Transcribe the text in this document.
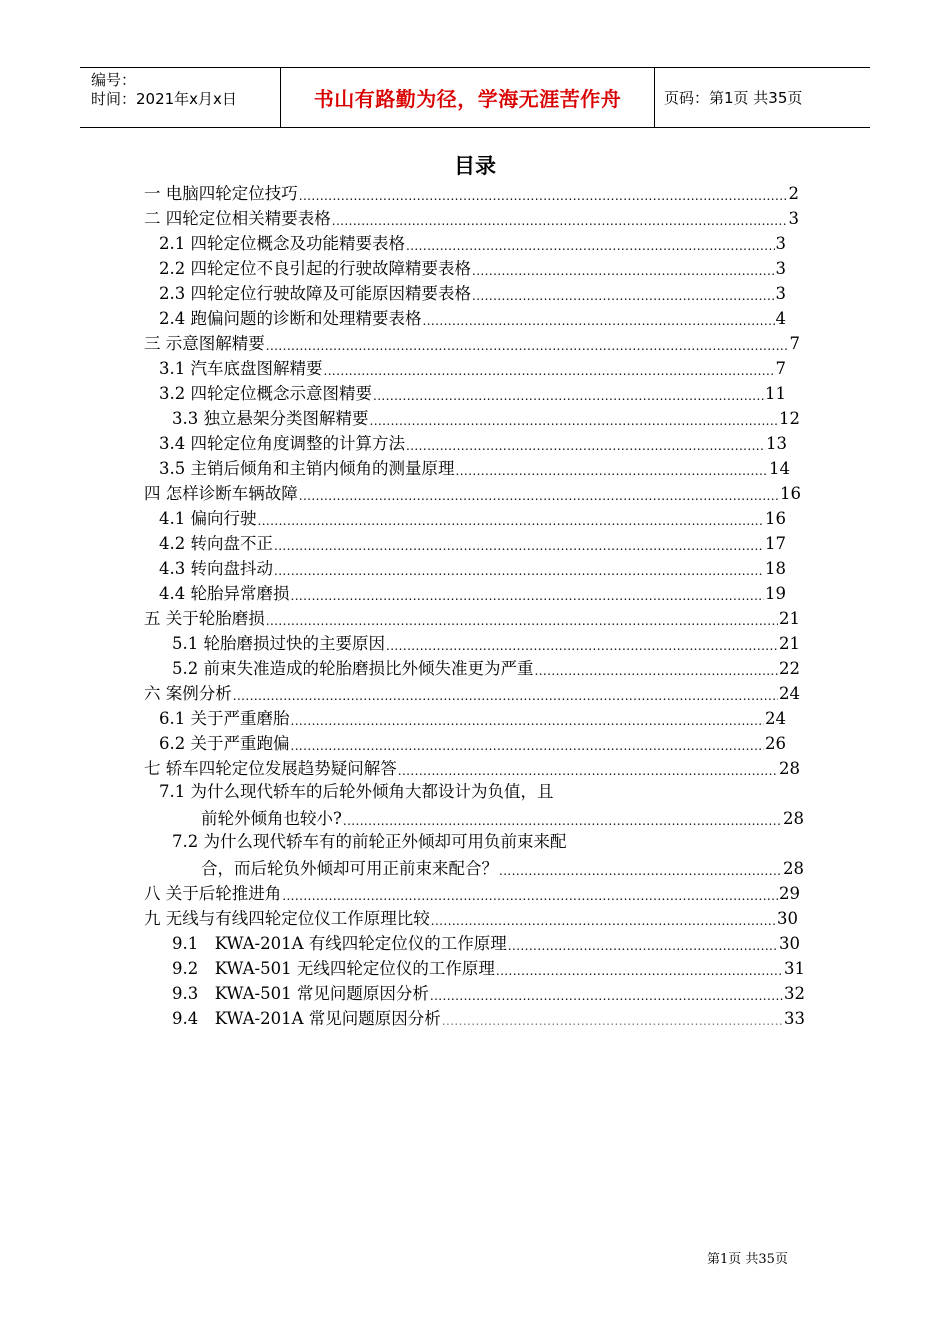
编号：
时间：2021年x月x日	书山有路勤为径，学海无涯苦作舟	页码：第1页 共35页
目录
一 电脑四轮定位技巧 .....	2
二 四轮定位相关精要表格 .....	3
2.1 四轮定位概念及功能精要表格 .....	3
2.2 四轮定位不良引起的行驶故障精要表格 .....	3
2.3 四轮定位行驶故障及可能原因精要表格 .....	3
2.4 跑偏问题的诊断和处理精要表格 .....	4
三 示意图解精要 .....	7
3.1 汽车底盘图解精要 .....	7
3.2 四轮定位概念示意图精要 .....	11
3.3 独立悬架分类图解精要 .....	12
3.4 四轮定位角度调整的计算方法 .....	13
3.5 主销后倾角和主销内倾角的测量原理 .....	14
四 怎样诊断车辆故障 .....	16
4.1 偏向行驶 .....	16
4.2 转向盘不正 .....	17
4.3 转向盘抖动 .....	18
4.4 轮胎异常磨损 .....	19
五 关于轮胎磨损 .....	21
5.1 轮胎磨损过快的主要原因 .....	21
5.2 前束失准造成的轮胎磨损比外倾失准更为严重 .....	22
六 案例分析 .....	24
6.1 关于严重磨胎 .....	24
6.2 关于严重跑偏 .....	26
七 轿车四轮定位发展趋势疑问解答 .....	28
7.1 为什么现代轿车的后轮外倾角大都设计为负值，且
前轮外倾角也较小? .....	28
7.2 为什么现代轿车有的前轮正外倾却可用负前束来配
合，而后轮负外倾却可用正前束来配合？ .....	28
八 关于后轮推进角 .....	29
九 无线与有线四轮定位仪工作原理比较 .....	30
9.1　KWA-201A 有线四轮定位仪的工作原理 .....	30
9.2　KWA-501 无线四轮定位仪的工作原理 .....	31
9.3　KWA-501 常见问题原因分析 .....	32
9.4　KWA-201A 常见问题原因分析 .....	33
第1页 共35页
